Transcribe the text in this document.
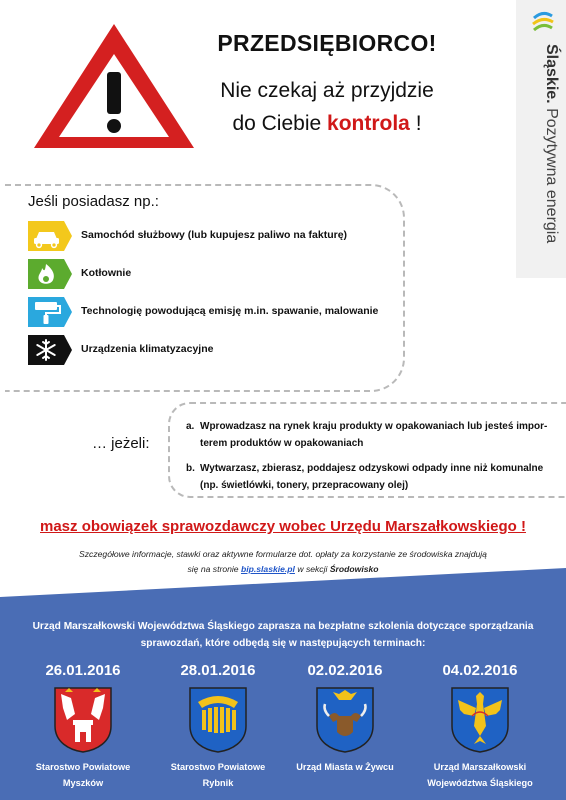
PRZEDSIĘBIORCO!
Nie czekaj aż przyjdzie
do Ciebie kontrola !
Śląskie. Pozytywna energia
Jeśli posiadasz np.:
Samochód służbowy (lub kupujesz paliwo na fakturę)
Kotłownie
Technologię powodującą emisję m.in. spawanie, malowanie
Urządzenia klimatyzacyjne
… jeżeli:
a. Wprowadzasz na rynek kraju produkty w opakowaniach lub jesteś importerem produktów w opakowaniach
b. Wytwarzasz, zbierasz, poddajesz odzyskowi odpady inne niż komunalne (np. świetlówki, tonery, przepracowany olej)
masz obowiązek sprawozdawczy wobec Urzędu Marszałkowskiego !
Szczegółowe informacje, stawki oraz aktywne formularze dot. opłaty za korzystanie ze środowiska znajdują
się na stronie bip.slaskie.pl w sekcji Środowisko
Urząd Marszałkowski Województwa Śląskiego zaprasza na bezpłatne szkolenia dotyczące sporządzania
sprawozdań, które odbędą się w następujących terminach:
26.01.2016
Starostwo Powiatowe
Myszków
28.01.2016
Starostwo Powiatowe
Rybnik
02.02.2016
Urząd Miasta w Żywcu
04.02.2016
Urząd Marszałkowski
Województwa Śląskiego
